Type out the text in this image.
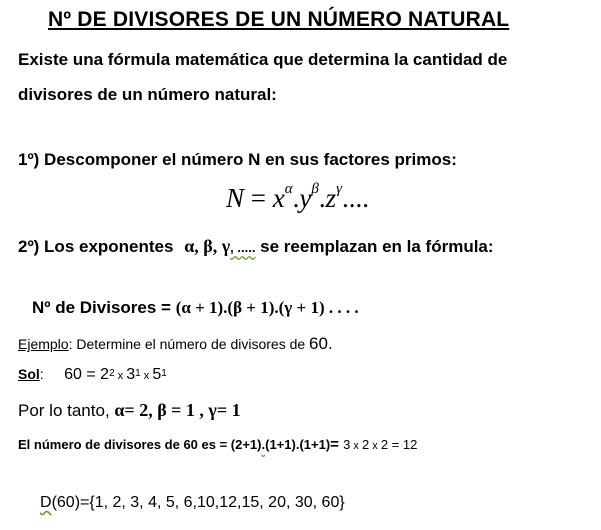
Nº DE DIVISORES DE UN NÚMERO NATURAL
Existe una fórmula matemática que determina la cantidad de
divisores de un número natural:
1º) Descomponer el número N en sus factores primos:
$N = x^\alpha.y^\beta.z^\gamma$....
2º) Los exponentes α, β, γ, ..... se reemplazan en la fórmula:
Nº de Divisores = (α + 1).(β + 1).(γ + 1) . . . .
Ejemplo: Determine el número de divisores de 60.
Sol: $60 = 2^2$ x $3^1$ x $5^1$
Por lo tanto, α= 2, β = 1 , γ= 1
El número de divisores de 60 es = (2+1).(1+1).(1+1)= 3 x 2 x 2 = 12
D(60)={1, 2, 3, 4, 5, 6,10,12,15, 20, 30, 60}
